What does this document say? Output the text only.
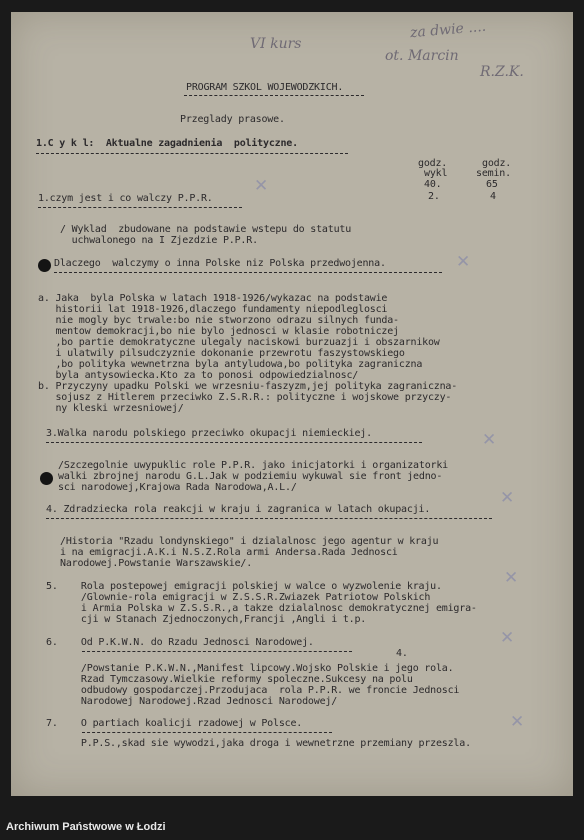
VI kurs
za dwie ....
ot. Marcin
R.Z.K.
PROGRAM SZKOL WOJEWODZKICH.
Przeglady prasowe.
1.C y k l:  Aktualne zagadnienia  polityczne.
godz.
wykl
40.
2.
godz.
semin.
65
4
✕
✕
✕
✕
✕
✕
✕
1.czym jest i co walczy P.P.R.
/ Wyklad  zbudowane na podstawie wstepu do statutu
uchwalonego na I Zjezdzie P.P.R.
Dlaczego  walczymy o inna Polske niz Polska przedwojenna.
a. Jaka  byla Polska w latach 1918-1926/wykazac na podstawie
historii lat 1918-1926,dlaczego fundamenty niepodleglosci
nie mogly byc trwale:bo nie stworzono odrazu silnych funda-
mentow demokracji,bo nie bylo jednosci w klasie robotniczej
,bo partie demokratyczne ulegaly naciskowi burzuazji i obszarnikow
i ulatwily pilsudczyznie dokonanie przewrotu faszystowskiego
,bo polityka wewnetrzna byla antyludowa,bo polityka zagraniczna
byla antysowiecka.Kto za to ponosi odpowiedzialnosc/
b. Przyczyny upadku Polski we wrzesniu-faszyzm,jej polityka zagraniczna-
sojusz z Hitlerem przeciwko Z.S.R.R.: polityczne i wojskowe przyczy-
ny kleski wrzesniowej/
3.Walka narodu polskiego przeciwko okupacji niemieckiej.
/Szczegolnie uwypuklic role P.P.R. jako inicjatorki i organizatorki
walki zbrojnej narodu G.L.Jak w podziemiu wykuwal sie front jedno-
sci narodowej,Krajowa Rada Narodowa,A.L./
4. Zdradziecka rola reakcji w kraju i zagranica w latach okupacji.
/Historia "Rzadu londynskiego" i dzialalnosc jego agentur w kraju
i na emigracji.A.K.i N.S.Z.Rola armi Andersa.Rada Jednosci
Narodowej.Powstanie Warszawskie/.
5.    Rola postepowej emigracji polskiej w walce o wyzwolenie kraju.
/Glownie-rola emigracji w Z.S.S.R.Zwiazek Patriotow Polskich
i Armia Polska w Z.S.S.R.,a takze dzialalnosc demokratycznej emigra-
cji w Stanach Zjednoczonych,Francji ,Angli i t.p.
6.    Od P.K.W.N. do Rzadu Jednosci Narodowej.
4.
/Powstanie P.K.W.N.,Manifest lipcowy.Wojsko Polskie i jego rola.
Rzad Tymczasowy.Wielkie reformy spoleczne.Sukcesy na polu
odbudowy gospodarczej.Przodujaca  rola P.P.R. we froncie Jednosci
Narodowej Narodowej.Rzad Jednosci Narodowej/
7.    O partiach koalicji rzadowej w Polsce.
P.P.S.,skad sie wywodzi,jaka droga i wewnetrzne przemiany przeszla.
Archiwum Państwowe w Łodzi
